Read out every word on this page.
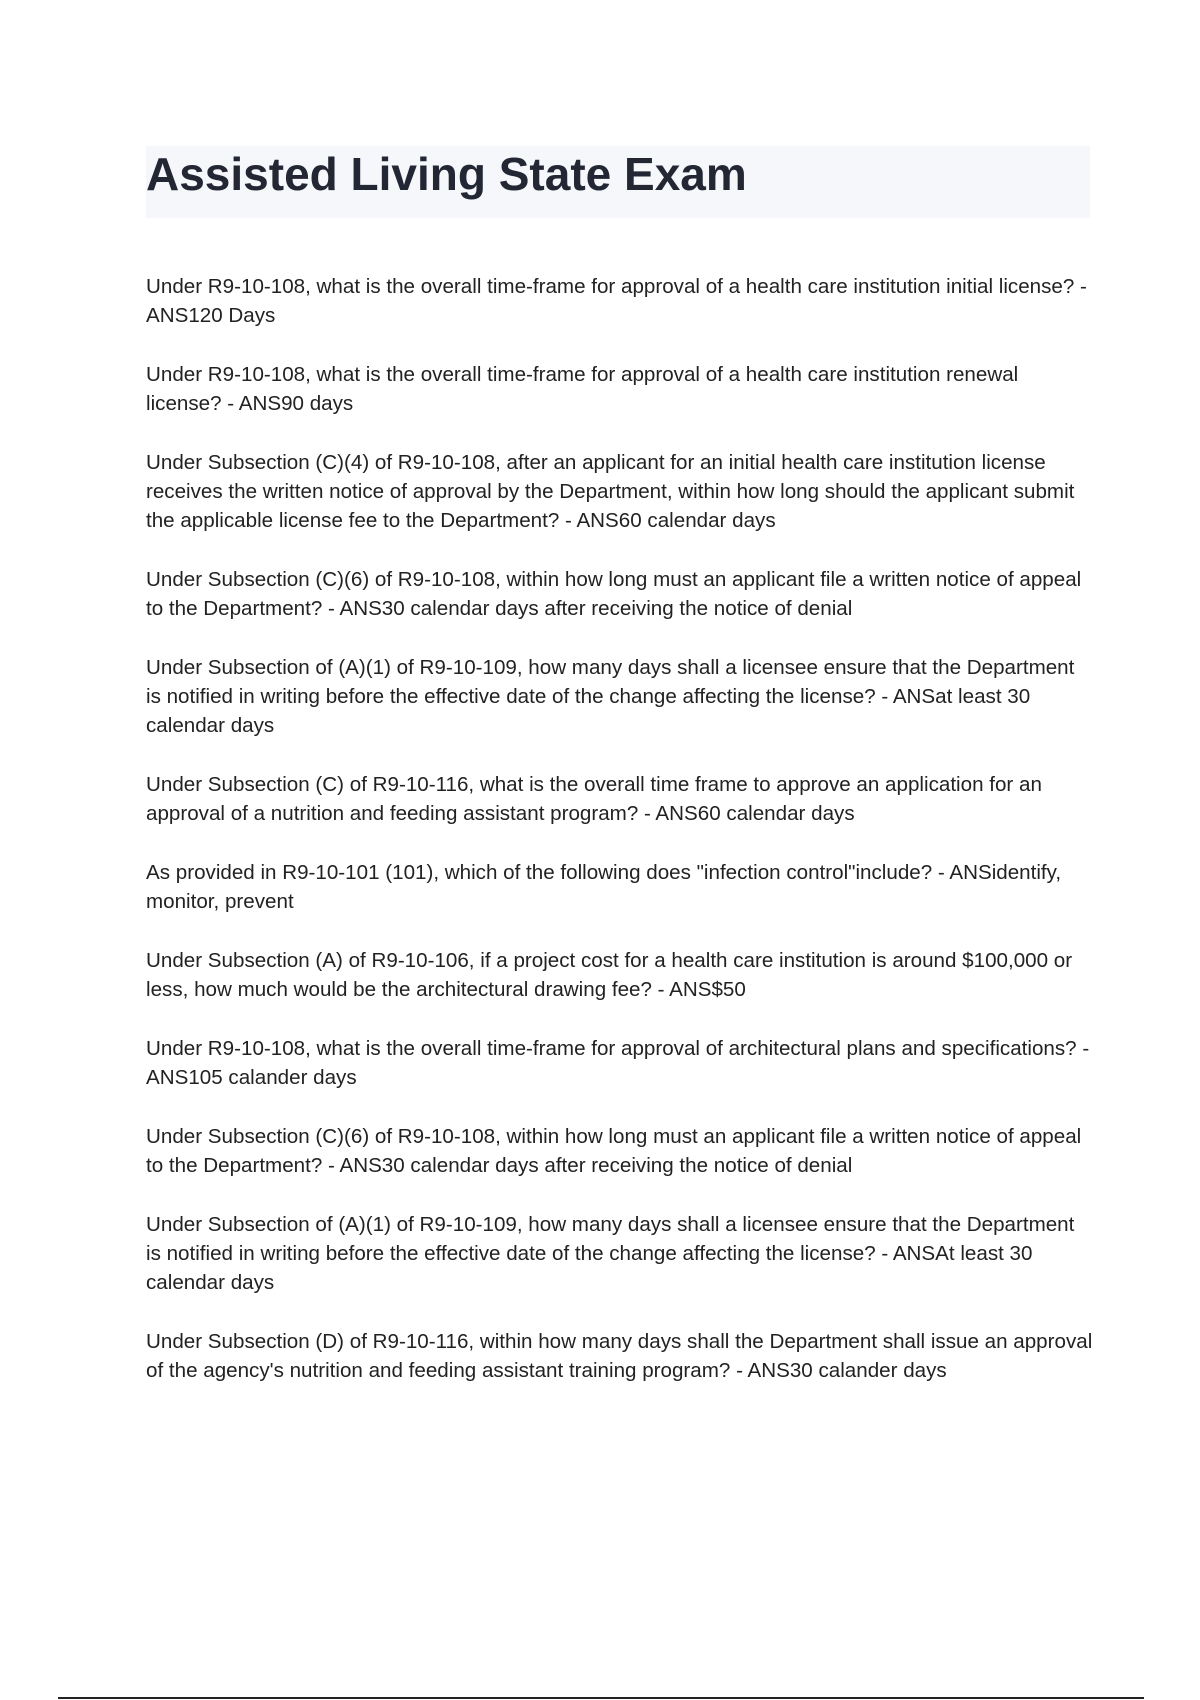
Assisted Living State Exam

Under R9-10-108, what is the overall time-frame for approval of a health care institution initial license? - ANS120 Days

Under R9-10-108, what is the overall time-frame for approval of a health care institution renewal license? - ANS90 days

Under Subsection (C)(4) of R9-10-108, after an applicant for an initial health care institution license receives the written notice of approval by the Department, within how long should the applicant submit the applicable license fee to the Department? - ANS60 calendar days

Under Subsection (C)(6) of R9-10-108, within how long must an applicant file a written notice of appeal to the Department? - ANS30 calendar days after receiving the notice of denial

Under Subsection of (A)(1) of R9-10-109, how many days shall a licensee ensure that the Department is notified in writing before the effective date of the change affecting the license? - ANSat least 30 calendar days

Under Subsection (C) of R9-10-116, what is the overall time frame to approve an application for an approval of a nutrition and feeding assistant program? - ANS60 calendar days

As provided in R9-10-101 (101), which of the following does "infection control"include? - ANSidentify, monitor, prevent

Under Subsection (A) of R9-10-106, if a project cost for a health care institution is around $100,000 or less, how much would be the architectural drawing fee? - ANS$50

Under R9-10-108, what is the overall time-frame for approval of architectural plans and specifications? - ANS105 calander days

Under Subsection (C)(6) of R9-10-108, within how long must an applicant file a written notice of appeal to the Department? - ANS30 calendar days after receiving the notice of denial

Under Subsection of (A)(1) of R9-10-109, how many days shall a licensee ensure that the Department is notified in writing before the effective date of the change affecting the license? - ANSAt least 30 calendar days

Under Subsection (D) of R9-10-116, within how many days shall the Department shall issue an approval of the agency's nutrition and feeding assistant training program? - ANS30 calander days
